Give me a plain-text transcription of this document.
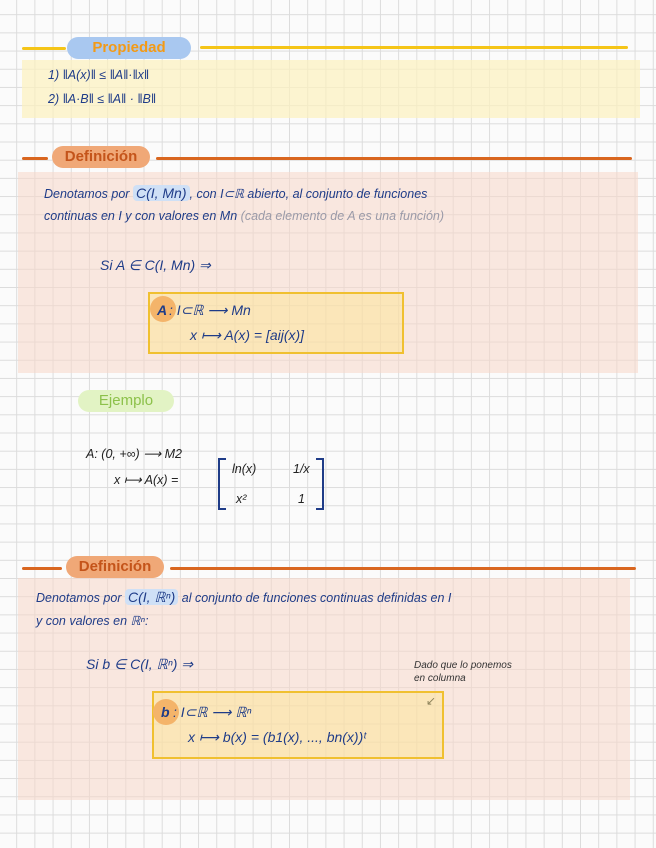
Propiedad
1) ‖A(x)‖ ≤ ‖A‖·‖x‖
2) ‖A·B‖ ≤ ‖A‖ · ‖B‖
Definición
Denotamos por C(I, Mn) , con I⊂ℝ abierto, al conjunto de funciones
continuas en I y con valores en Mn (cada elemento de A es una función)
Si A ∈ C(I, Mn) ⇒
A : I⊂ℝ ⟶ Mn
x ⟼ A(x) = [aij(x)]
Ejemplo
A: (0, +∞) ⟶ M2
x ⟼ A(x) =
ln(x)	1/x
x²	1
Definición
Denotamos por C(I, ℝⁿ) al conjunto de funciones continuas definidas en I
y con valores en ℝⁿ:
Si b ∈ C(I, ℝⁿ) ⇒	Dado que lo ponemos
en columna
↙
b : I⊂ℝ ⟶ ℝⁿ
x ⟼ b(x) = (b1(x), ..., bn(x))ᵗ
